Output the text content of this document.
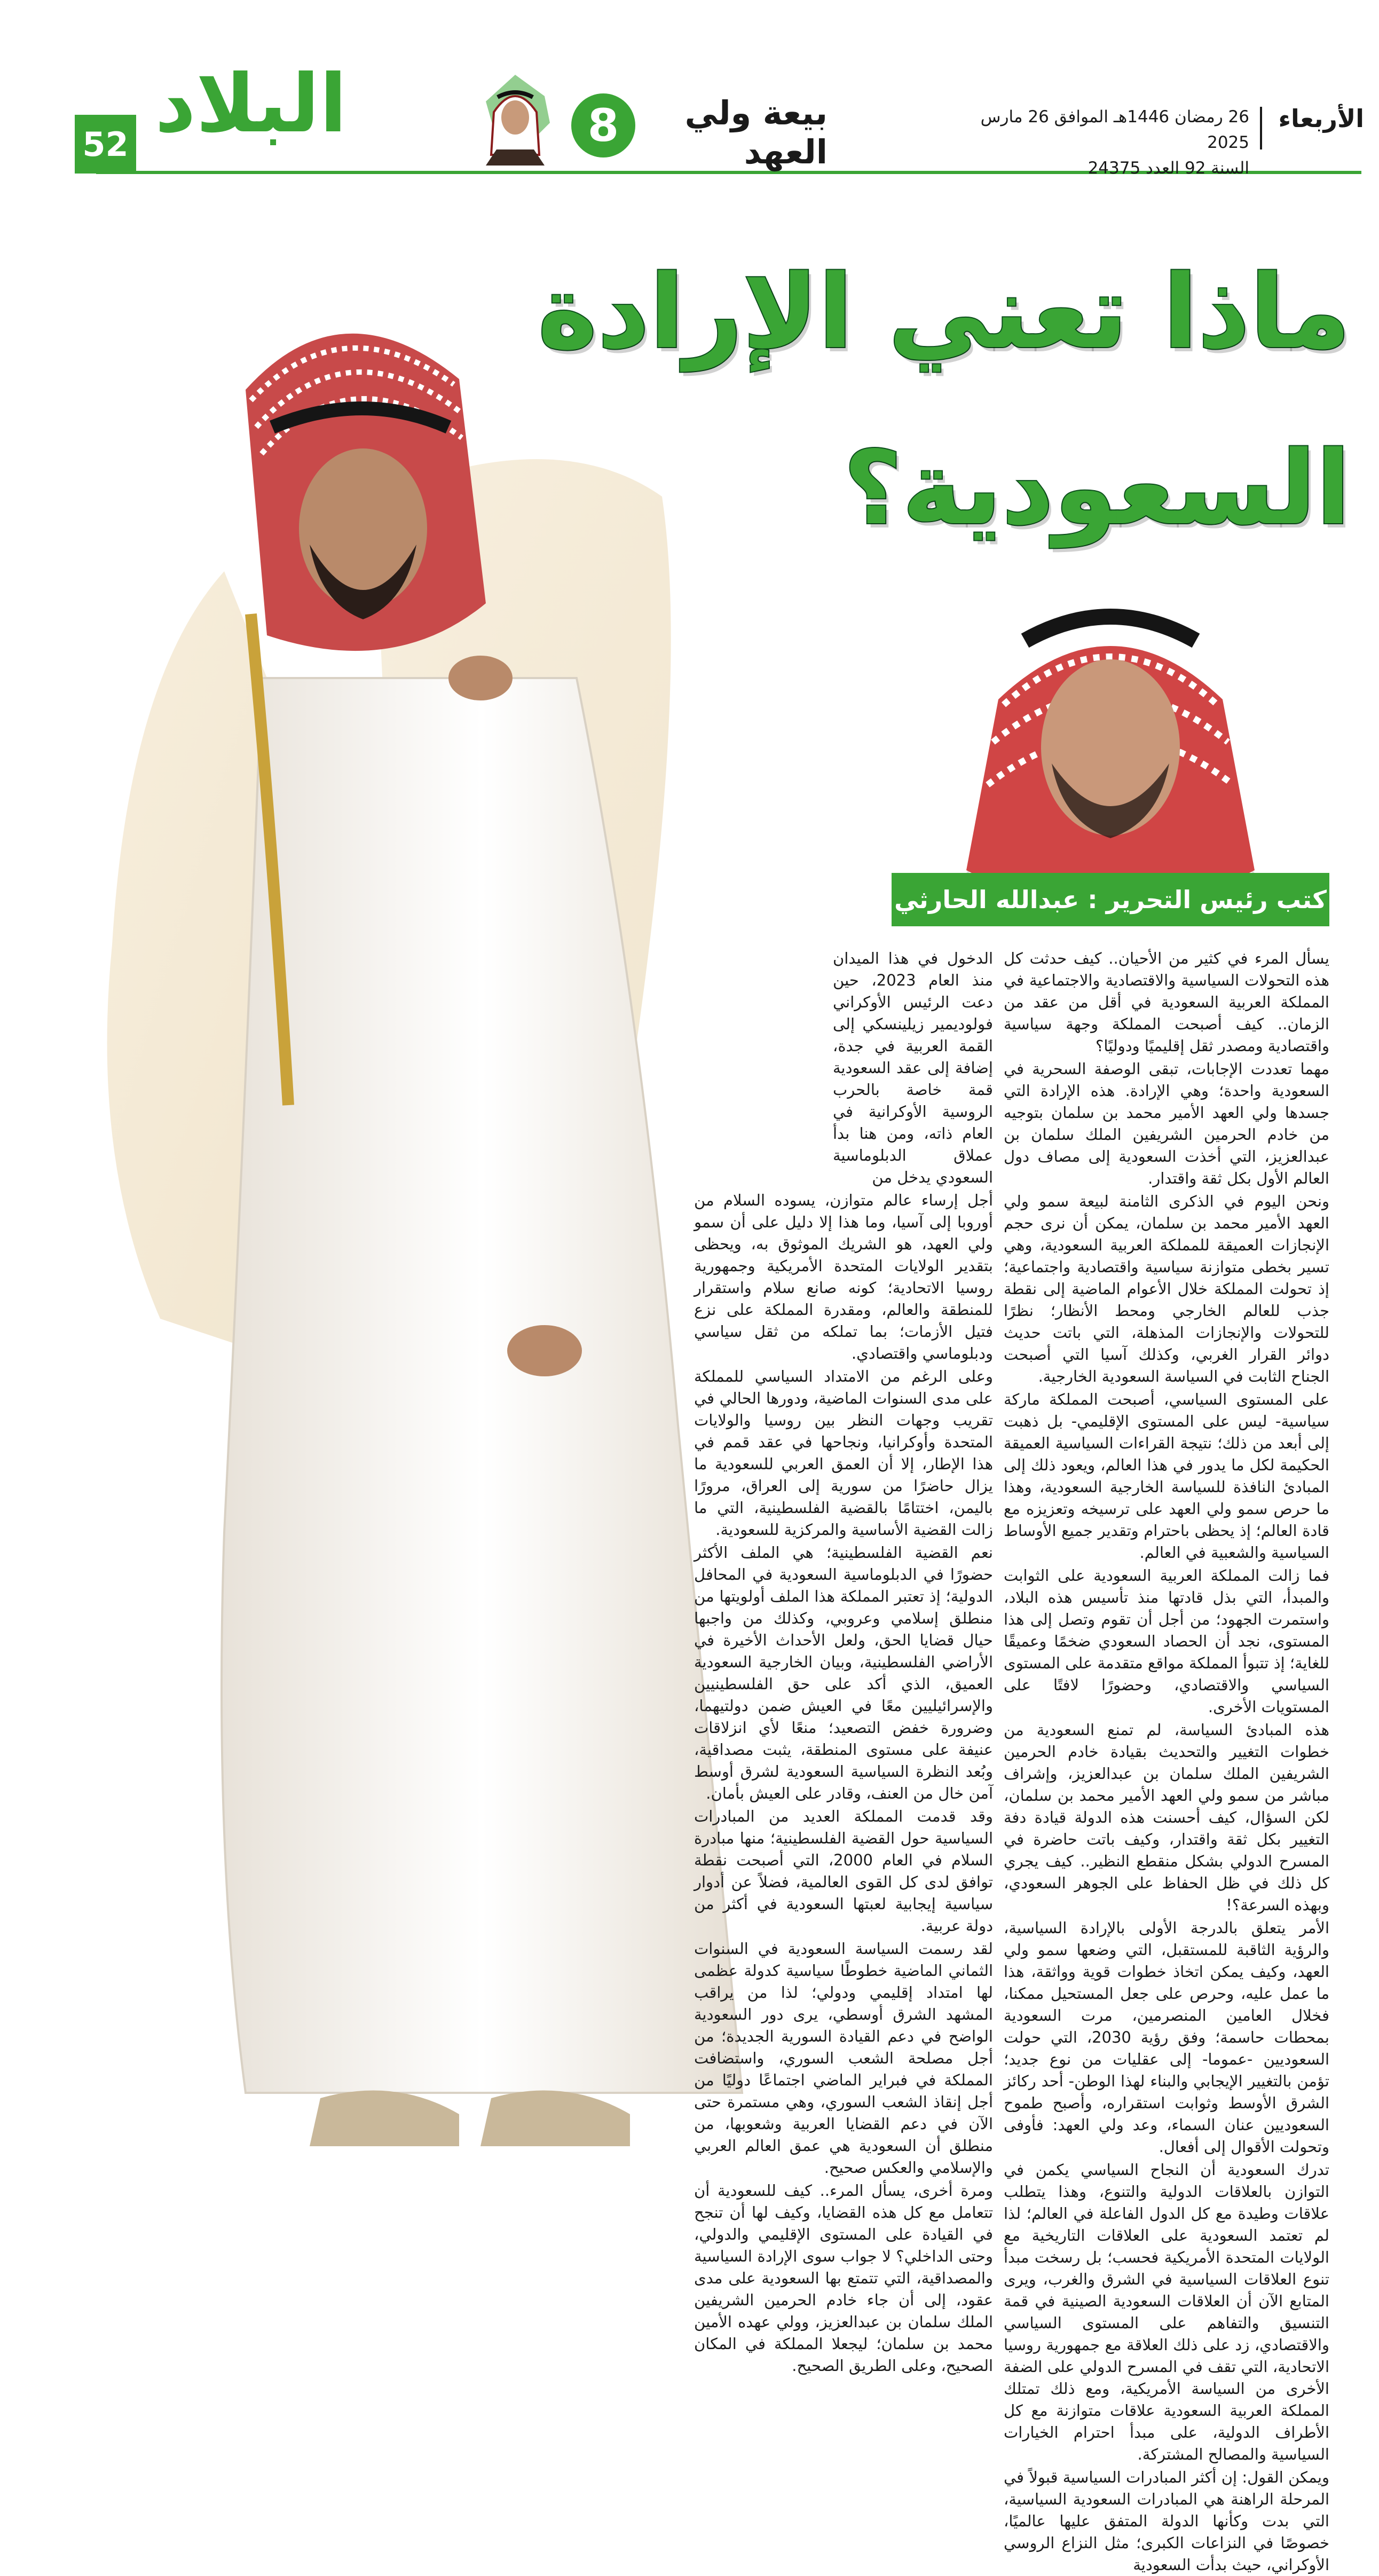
52 البلاد	8	بيعة ولي العهد
الأربعاء
26 رمضان 1446هـ الموافق 26 مارس 2025
السنة 92 العدد 24375
ماذا تعني الإرادة
السعودية؟
كتب رئيس التحرير : عبدالله الحارثي

يسأل المرء في كثير من الأحيان.. كيف حدثت كل هذه التحولات السياسية والاقتصادية والاجتماعية في المملكة العربية السعودية في أقل من عقد من الزمان.. كيف أصبحت المملكة وجهة سياسية واقتصادية ومصدر ثقل إقليميًا ودوليًا؟

مهما تعددت الإجابات، تبقى الوصفة السحرية في السعودية واحدة؛ وهي الإرادة. هذه الإرادة التي جسدها ولي العهد الأمير محمد بن سلمان بتوجيه من خادم الحرمين الشريفين الملك سلمان بن عبدالعزيز، التي أخذت السعودية إلى مصاف دول العالم الأول بكل ثقة واقتدار.

ونحن اليوم في الذكرى الثامنة لبيعة سمو ولي العهد الأمير محمد بن سلمان، يمكن أن نرى حجم الإنجازات العميقة للمملكة العربية السعودية، وهي تسير بخطى متوازنة سياسية واقتصادية واجتماعية؛ إذ تحولت المملكة خلال الأعوام الماضية إلى نقطة جذب للعالم الخارجي ومحط الأنظار؛ نظرًا للتحولات والإنجازات المذهلة، التي باتت حديث دوائر القرار الغربي، وكذلك آسيا التي أصبحت الجناح الثابت في السياسة السعودية الخارجية.

على المستوى السياسي، أصبحت المملكة ماركة سياسية- ليس على المستوى الإقليمي- بل ذهبت إلى أبعد من ذلك؛ نتيجة القراءات السياسية العميقة الحكيمة لكل ما يدور في هذا العالم، ويعود ذلك إلى المبادئ النافذة للسياسة الخارجية السعودية، وهذا ما حرص سمو ولي العهد على ترسيخه وتعزيزه مع قادة العالم؛ إذ يحظى باحترام وتقدير جميع الأوساط السياسية والشعبية في العالم.

فما زالت المملكة العربية السعودية على الثوابت والمبدأ، التي بذل قادتها منذ تأسيس هذه البلاد، واستمرت الجهود؛ من أجل أن تقوم وتصل إلى هذا المستوى، نجد أن الحصاد السعودي ضخمًا وعميقًا للغاية؛ إذ تتبوأ المملكة مواقع متقدمة على المستوى السياسي والاقتصادي، وحضورًا لافتًا على المستويات الأخرى.

هذه المبادئ السياسة، لم تمنع السعودية من خطوات التغيير والتحديث بقيادة خادم الحرمين الشريفين الملك سلمان بن عبدالعزيز، وإشراف مباشر من سمو ولي العهد الأمير محمد بن سلمان، لكن السؤال، كيف أحسنت هذه الدولة قيادة دفة التغيير بكل ثقة واقتدار، وكيف باتت حاضرة في المسرح الدولي بشكل منقطع النظير.. كيف يجري كل ذلك في ظل الحفاظ على الجوهر السعودي، وبهذه السرعة؟!

الأمر يتعلق بالدرجة الأولى بالإرادة السياسية، والرؤية الثاقبة للمستقبل، التي وضعها سمو ولي العهد، وكيف يمكن اتخاذ خطوات قوية وواثقة، هذا ما عمل عليه، وحرص على جعل المستحيل ممكنا، فخلال العامين المنصرمين، مرت السعودية بمحطات حاسمة؛ وفق رؤية 2030، التي حولت السعوديين -عموما- إلى عقليات من نوع جديد؛ تؤمن بالتغيير الإيجابي والبناء لهذا الوطن- أحد ركائز الشرق الأوسط وثوابت استقراره، وأصبح طموح السعوديين عنان السماء، وعد ولي العهد: فأوفى وتحولت الأقوال إلى أفعال.

تدرك السعودية أن النجاح السياسي يكمن في التوازن بالعلاقات الدولية والتنوع، وهذا يتطلب علاقات وطيدة مع كل الدول الفاعلة في العالم؛ لذا لم تعتمد السعودية على العلاقات التاريخية مع الولايات المتحدة الأمريكية فحسب؛ بل رسخت مبدأ تنوع العلاقات السياسية في الشرق والغرب، ويرى المتابع الآن أن العلاقات السعودية الصينية في قمة التنسيق والتفاهم على المستوى السياسي والاقتصادي، زد على ذلك العلاقة مع جمهورية روسيا الاتحادية، التي تقف في المسرح الدولي على الضفة الأخرى من السياسة الأمريكية، ومع ذلك تمتلك المملكة العربية السعودية علاقات متوازنة مع كل الأطراف الدولية، على مبدأ احترام الخيارات السياسية والمصالح المشتركة.

ويمكن القول: إن أكثر المبادرات السياسية قبولاً في المرحلة الراهنة هي المبادرات السعودية السياسية، التي بدت وكأنها الدولة المتفق عليها عالميًا، خصوصًا في النزاعات الكبرى؛ مثل النزاع الروسي الأوكراني، حيث بدأت السعودية

الدخول في هذا الميدان منذ العام 2023، حين دعت الرئيس الأوكراني فولوديمير زيلينسكي إلى القمة العربية في جدة، إضافة إلى عقد السعودية قمة خاصة بالحرب الروسية الأوكرانية في العام ذاته، ومن هنا بدأ عملاق الدبلوماسية السعودي يدخل من

أجل إرساء عالم متوازن، يسوده السلام من أوروبا إلى آسيا، وما هذا إلا دليل على أن سمو ولي العهد، هو الشريك الموثوق به، ويحظى بتقدير الولايات المتحدة الأمريكية وجمهورية روسيا الاتحادية؛ كونه صانع سلام واستقرار للمنطقة والعالم، ومقدرة المملكة على نزع فتيل الأزمات؛ بما تملكه من ثقل سياسي ودبلوماسي واقتصادي.

وعلى الرغم من الامتداد السياسي للمملكة على مدى السنوات الماضية، ودورها الحالي في تقريب وجهات النظر بين روسيا والولايات المتحدة وأوكرانيا، ونجاحها في عقد قمم في هذا الإطار، إلا أن العمق العربي للسعودية ما يزال حاضرًا من سورية إلى العراق، مرورًا باليمن، اختتامًا بالقضية الفلسطينية، التي ما زالت القضية الأساسية والمركزية للسعودية.

نعم القضية الفلسطينية؛ هي الملف الأكثر حضورًا في الدبلوماسية السعودية في المحافل الدولية؛ إذ تعتبر المملكة هذا الملف أولويتها من منطلق إسلامي وعروبي، وكذلك من واجبها حيال قضايا الحق، ولعل الأحداث الأخيرة في الأراضي الفلسطينية، وبيان الخارجية السعودية العميق، الذي أكد على حق الفلسطينيين والإسرائيليين معًا في العيش ضمن دولتيهما، وضرورة خفض التصعيد؛ منعًا لأي انزلاقات عنيفة على مستوى المنطقة، يثبت مصداقية، وبُعد النظرة السياسية السعودية لشرق أوسط آمن خال من العنف، وقادر على العيش بأمان.

وقد قدمت المملكة العديد من المبادرات السياسية حول القضية الفلسطينية؛ منها مبادرة السلام في العام 2000، التي أصبحت نقطة توافق لدى كل القوى العالمية، فضلاً عن أدوار سياسية إيجابية لعبتها السعودية في أكثر من دولة عربية.

لقد رسمت السياسة السعودية في السنوات الثماني الماضية خطوطًا سياسية كدولة عظمى لها امتداد إقليمي ودولي؛ لذا من يراقب المشهد الشرق أوسطي، يرى دور السعودية الواضح في دعم القيادة السورية الجديدة؛ من أجل مصلحة الشعب السوري، واستضافت المملكة في فبراير الماضي اجتماعًا دوليًا من أجل إنقاذ الشعب السوري، وهي مستمرة حتى الآن في دعم القضايا العربية وشعوبها، من منطلق أن السعودية هي عمق العالم العربي والإسلامي والعكس صحيح.

ومرة أخرى، يسأل المرء.. كيف للسعودية أن تتعامل مع كل هذه القضايا، وكيف لها أن تنجح في القيادة على المستوى الإقليمي والدولي، وحتى الداخلي؟ لا جواب سوى الإرادة السياسية والمصداقية، التي تتمتع بها السعودية على مدى عقود، إلى أن جاء خادم الحرمين الشريفين الملك سلمان بن عبدالعزيز، وولي عهده الأمين محمد بن سلمان؛ ليجعلا المملكة في المكان الصحيح، وعلى الطريق الصحيح.
